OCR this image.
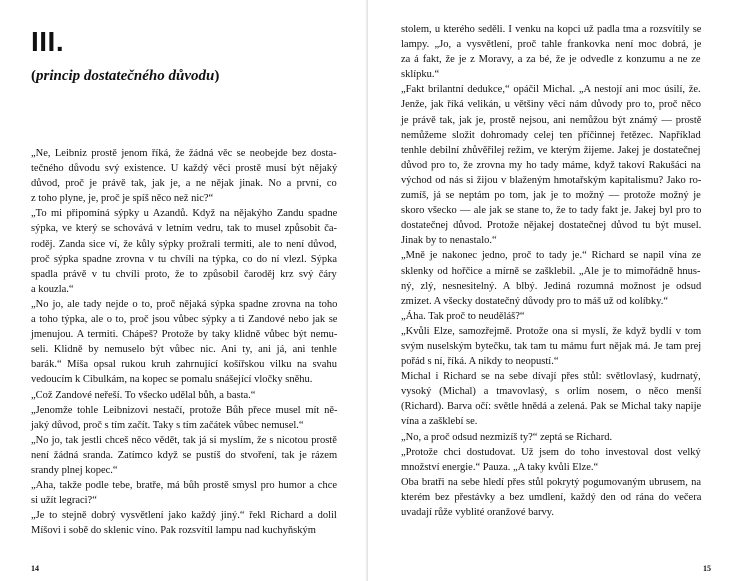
III.
(princip dostatečného důvodu)
„Ne, Leibniz prostě jenom říká, že žádná věc se neobejde bez dosta-
tečného důvodu svý existence. U každý věci prostě musí být nějaký
důvod, proč je právě tak, jak je, a ne nějak jinak. No a první, co
z toho plyne, je, proč je spíš něco než nic?“
„To mi připomíná sýpky u Azandů. Když na nějakýho Zandu spadne
sýpka, ve který se schovává v letním vedru, tak to musel způsobit ča-
roděj. Zanda sice ví, že kůly sýpky prožrali termiti, ale to není důvod,
proč sýpka spadne zrovna v tu chvíli na týpka, co do ní vlezl. Sýpka
spadla právě v tu chvíli proto, že to způsobil čaroděj krz svý čáry
a kouzla.“
„No jo, ale tady nejde o to, proč nějaká sýpka spadne zrovna na toho
a toho týpka, ale o to, proč jsou vůbec sýpky a ti Zandové nebo jak se
jmenujou. A termiti. Chápeš? Protože by taky klidně vůbec být nemu-
seli. Klidně by nemuselo být vůbec nic. Ani ty, ani já, ani tenhle
barák.“ Míša opsal rukou kruh zahrnující košířskou vilku na svahu
vedoucím k Cibulkám, na kopec se pomalu snášející vločky sněhu.
„Což Zandové neřeší. To všecko udělal bůh, a basta.“
„Jenomže tohle Leibnizovi nestačí, protože Bůh přece musel mít ně-
jaký důvod, proč s tím začít. Taky s tím začátek vůbec nemusel.“
„No jo, tak jestli chceš něco vědět, tak já si myslím, že s nicotou prostě
není žádná sranda. Zatímco když se pustíš do stvoření, tak je rázem
srandy plnej kopec.“
„Aha, takže podle tebe, bratře, má bůh prostě smysl pro humor a chce
si užít legraci?“
„Je to stejně dobrý vysvětlení jako každý jiný.“ řekl Richard a dolil
Míšovi i sobě do sklenic víno. Pak rozsvítil lampu nad kuchyňským
14
stolem, u kterého seděli. I venku na kopci už padla tma a rozsvítily se
lampy. „Jo, a vysvětlení, proč tahle frankovka není moc dobrá, je
za á fakt, že je z Moravy, a za bé, že je odvedle z konzumu a ne ze
sklípku.“
„Fakt brilantní dedukce,“ opáčil Michal. „A nestojí ani moc úsilí, že.
Jenže, jak říká velikán, u většiny věcí nám důvody pro to, proč něco
je právě tak, jak je, prostě nejsou, ani nemůžou být známý — prostě
nemůžeme složit dohromady celej ten příčinnej řetězec. Například
tenhle debilní zhůvěřilej režim, ve kterým žijeme. Jakej je dostatečnej
důvod pro to, že zrovna my ho tady máme, když takoví Rakušáci na
východ od nás si žijou v blaženým hmotařským kapitalismu? Jako ro-
zumíš, já se neptám po tom, jak je to možný — protože možný je
skoro všecko — ale jak se stane to, že to tady fakt je. Jakej byl pro to
dostatečnej důvod. Protože nějakej dostatečnej důvod tu být musel.
Jinak by to nenastalo.“
„Mně je nakonec jedno, proč to tady je.“ Richard se napil vína ze
sklenky od hořčice a mírně se zašklebil. „Ale je to mimořádně hnus-
ný, zlý, nesnesitelný. A blbý. Jediná rozumná možnost je odsud
zmizet. A všecky dostatečný důvody pro to máš už od kolíbky.“
„Áha. Tak proč to neuděláš?“
„Kvůli Elze, samozřejmě. Protože ona si myslí, že když bydlí v tom
svým nuselským bytečku, tak tam tu mámu furt nějak má. Je tam prej
pořád s ní, říká. A nikdy to neopustí.“
Michal i Richard se na sebe dívají přes stůl: světlovlasý, kudrnatý,
vysoký (Michal) a tmavovlasý, s orlím nosem, o něco menší
(Richard). Barva očí: světle hnědá a zelená. Pak se Michal taky napije
vína a zašklebí se.
„No, a proč odsud nezmizíš ty?“ zeptá se Richard.
„Protože chci dostudovat. Už jsem do toho investoval dost velký
množství energie.“ Pauza. „A taky kvůli Elze.“
Oba bratři na sebe hledí přes stůl pokrytý pogumovaným ubrusem, na
kterém bez přestávky a bez umdlení, každý den od rána do večera
uvadají růže vyblité oranžové barvy.
15
